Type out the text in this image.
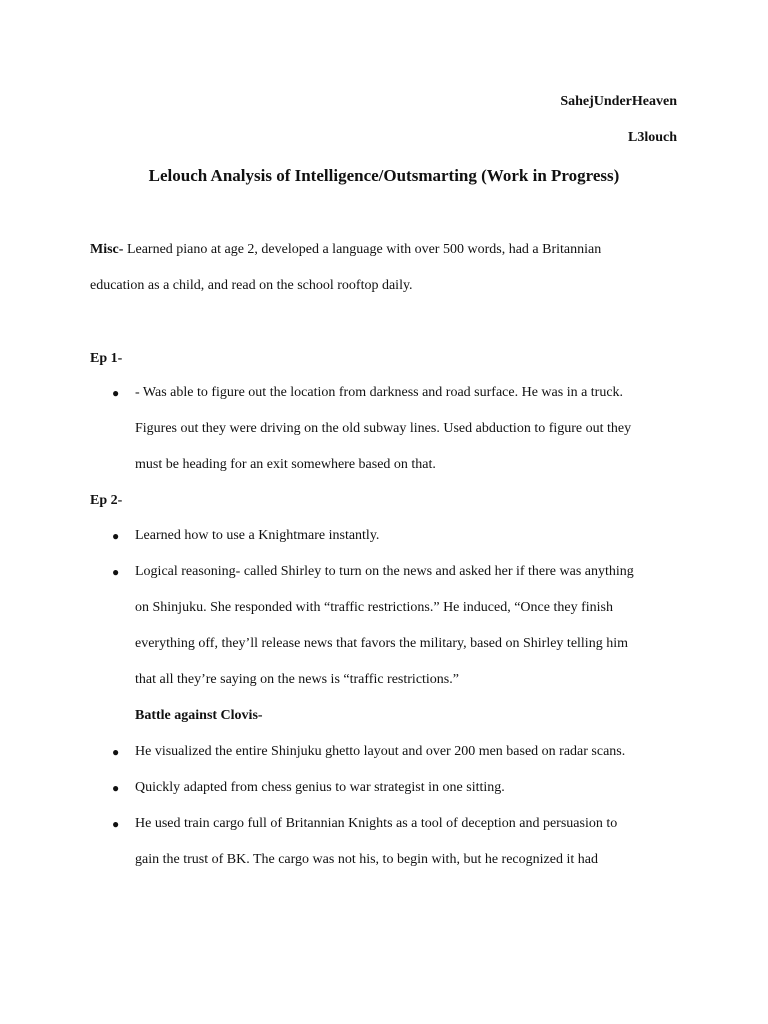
SahejUnderHeaven
L3louch
Lelouch Analysis of Intelligence/Outsmarting (Work in Progress)
Misc- Learned piano at age 2, developed a language with over 500 words, had a Britannian
education as a child, and read on the school rooftop daily.
Ep 1-
● - Was able to figure out the location from darkness and road surface. He was in a truck.
Figures out they were driving on the old subway lines. Used abduction to figure out they
must be heading for an exit somewhere based on that.
Ep 2-
● Learned how to use a Knightmare instantly.
● Logical reasoning- called Shirley to turn on the news and asked her if there was anything
on Shinjuku. She responded with “traffic restrictions.” He induced, “Once they finish
everything off, they’ll release news that favors the military, based on Shirley telling him
that all they’re saying on the news is “traffic restrictions.”
Battle against Clovis-
● He visualized the entire Shinjuku ghetto layout and over 200 men based on radar scans.
● Quickly adapted from chess genius to war strategist in one sitting.
● He used train cargo full of Britannian Knights as a tool of deception and persuasion to
gain the trust of BK. The cargo was not his, to begin with, but he recognized it had
